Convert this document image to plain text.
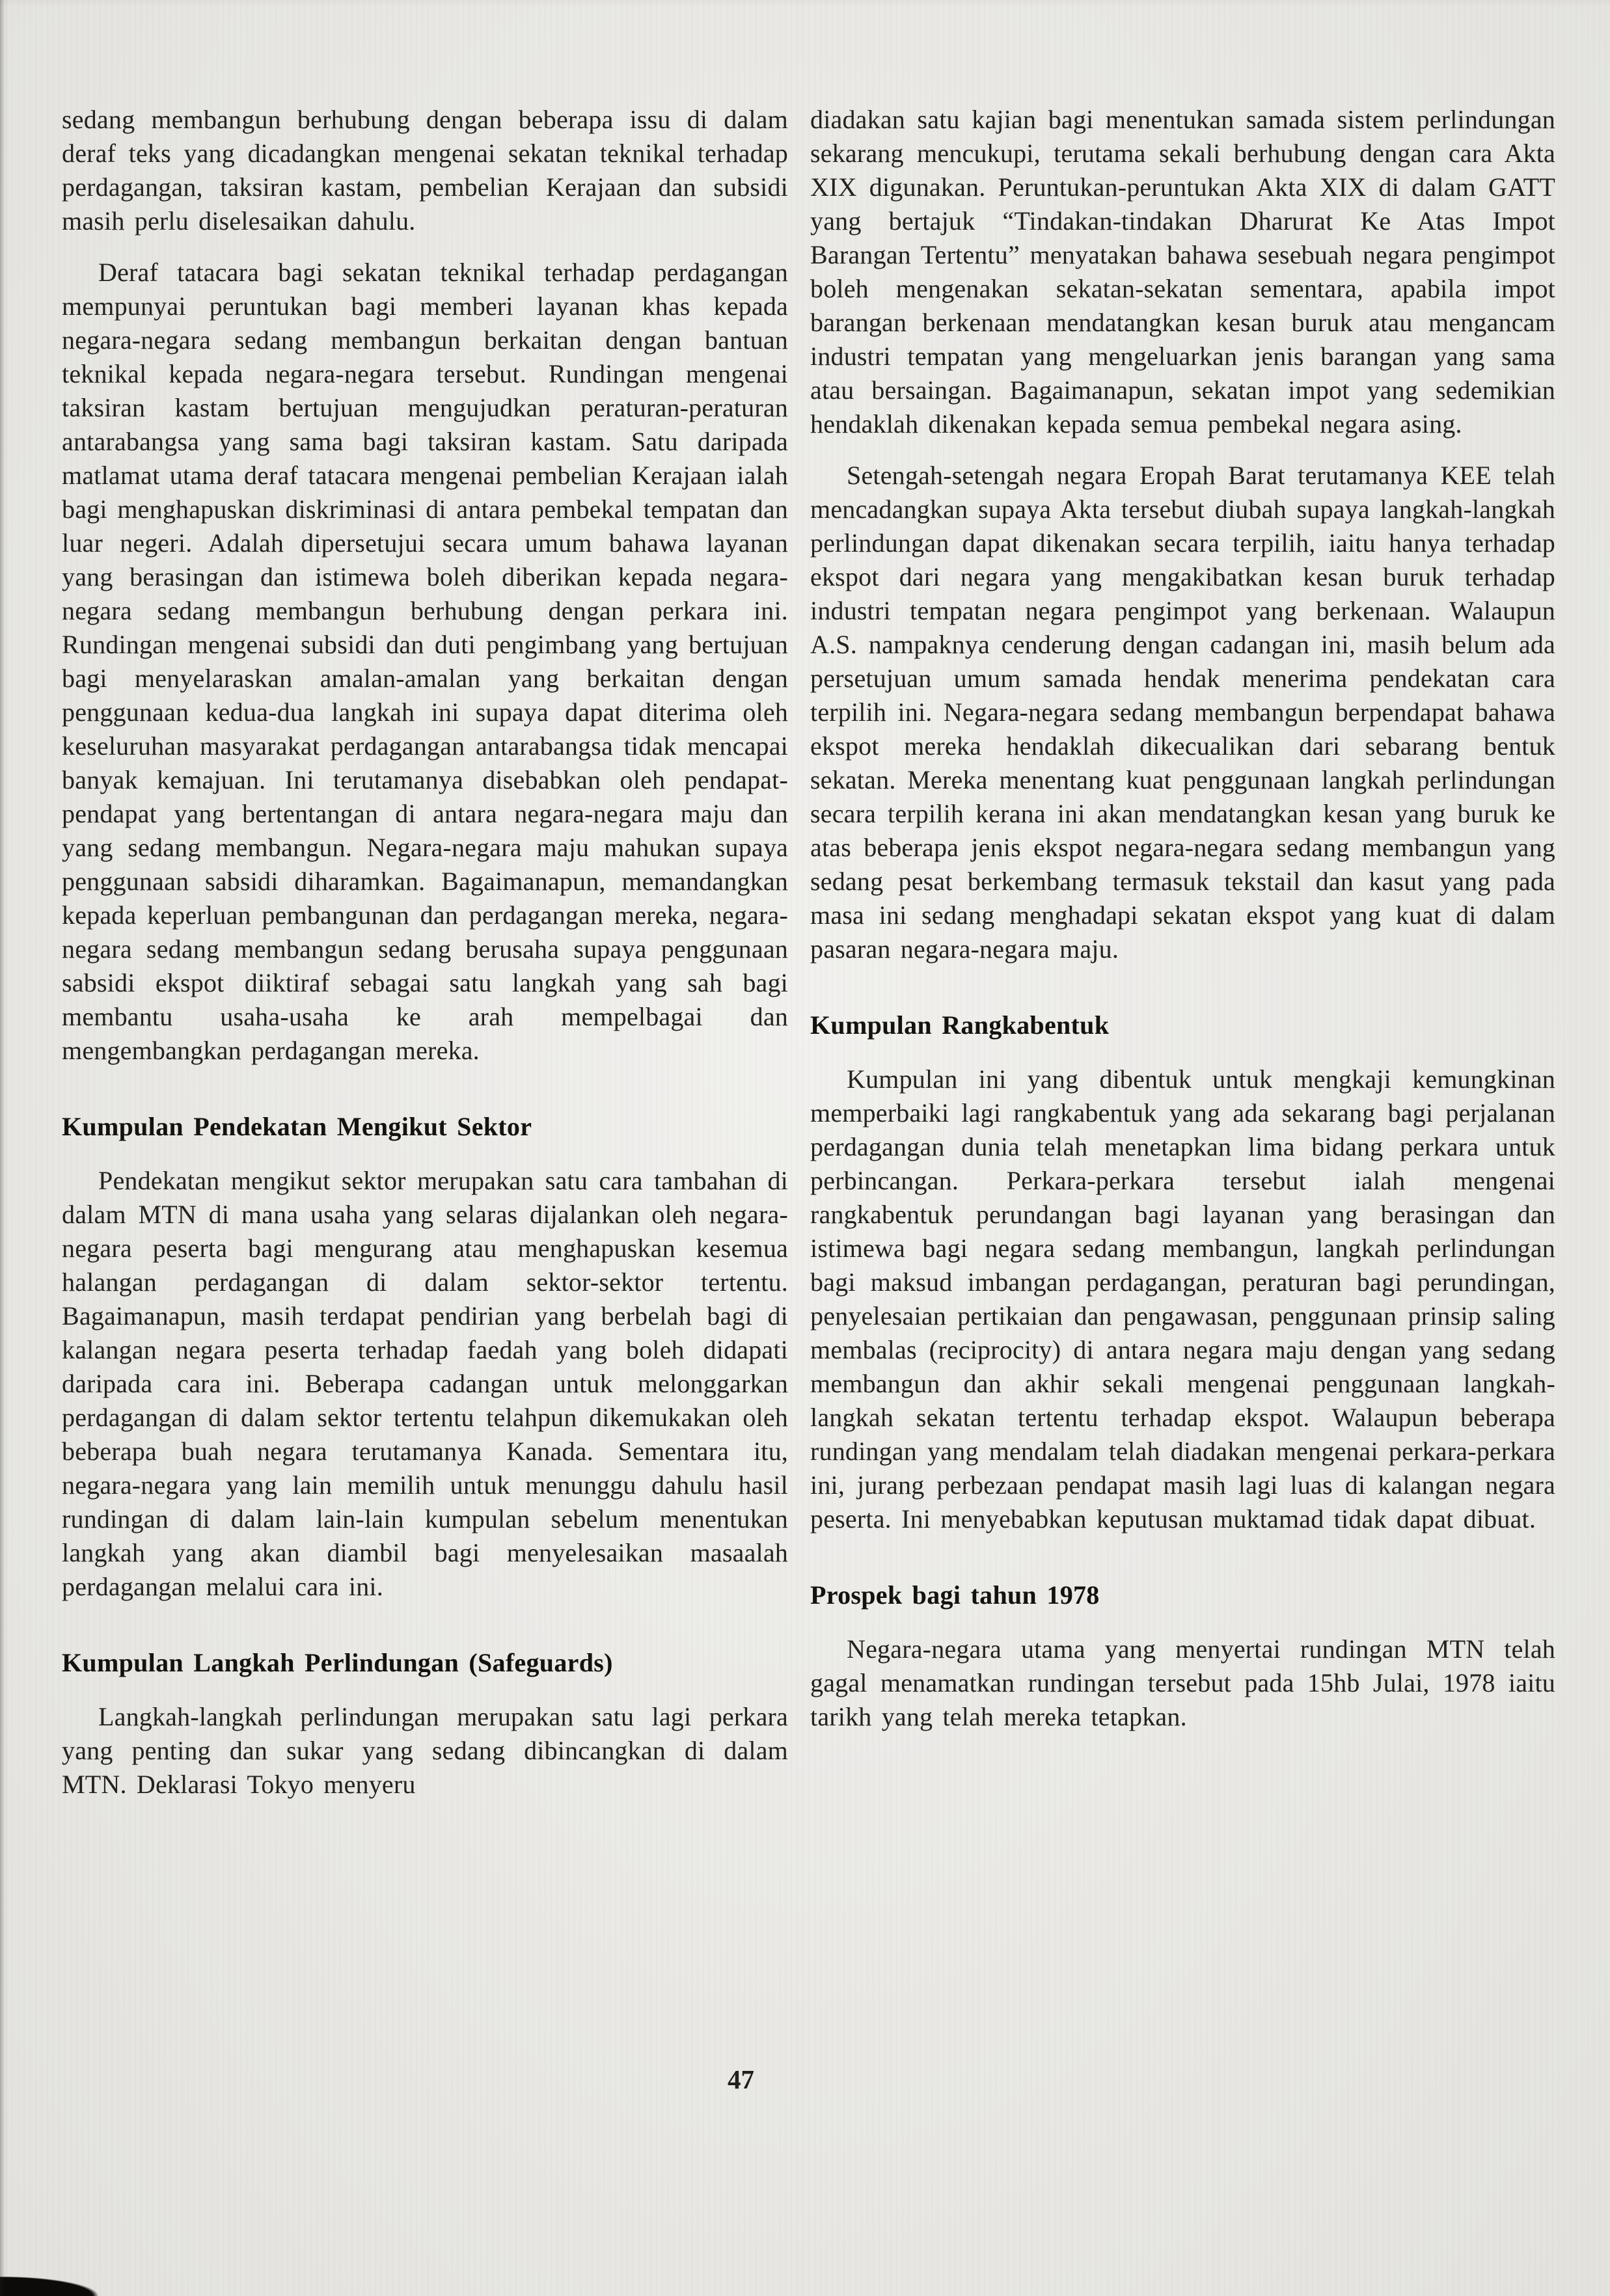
sedang membangun berhubung dengan beberapa issu di dalam deraf teks yang dicadangkan mengenai sekatan teknikal terhadap perdagangan, taksiran kastam, pembelian Kerajaan dan subsidi masih perlu diselesaikan dahulu.

Deraf tatacara bagi sekatan teknikal terhadap perdagangan mempunyai peruntukan bagi memberi layanan khas kepada negara-negara sedang membangun berkaitan dengan bantuan teknikal kepada negara-negara tersebut. Rundingan mengenai taksiran kastam bertujuan mengujudkan peraturan-peraturan antarabangsa yang sama bagi taksiran kastam. Satu daripada matlamat utama deraf tatacara mengenai pembelian Kerajaan ialah bagi menghapuskan diskriminasi di antara pembekal tempatan dan luar negeri. Adalah dipersetujui secara umum bahawa layanan yang berasingan dan istimewa boleh diberikan kepada negara-negara sedang membangun berhubung dengan perkara ini. Rundingan mengenai subsidi dan duti pengimbang yang bertujuan bagi menyelaraskan amalan-amalan yang berkaitan dengan penggunaan kedua-dua langkah ini supaya dapat diterima oleh keseluruhan masyarakat perdagangan antarabangsa tidak mencapai banyak kemajuan. Ini terutamanya disebabkan oleh pendapat-pendapat yang bertentangan di antara negara-negara maju dan yang sedang membangun. Negara-negara maju mahukan supaya penggunaan sabsidi diharamkan. Bagaimanapun, memandangkan kepada keperluan pembangunan dan perdagangan mereka, negara-negara sedang membangun sedang berusaha supaya penggunaan sabsidi ekspot diiktiraf sebagai satu langkah yang sah bagi membantu usaha-usaha ke arah mempelbagai dan mengembangkan perdagangan mereka.

Kumpulan Pendekatan Mengikut Sektor

Pendekatan mengikut sektor merupakan satu cara tambahan di dalam MTN di mana usaha yang selaras dijalankan oleh negara-negara peserta bagi mengurang atau menghapuskan kesemua halangan perdagangan di dalam sektor-sektor tertentu. Bagaimanapun, masih terdapat pendirian yang berbelah bagi di kalangan negara peserta terhadap faedah yang boleh didapati daripada cara ini. Beberapa cadangan untuk melonggarkan perdagangan di dalam sektor tertentu telahpun dikemukakan oleh beberapa buah negara terutamanya Kanada. Sementara itu, negara-negara yang lain memilih untuk menunggu dahulu hasil rundingan di dalam lain-lain kumpulan sebelum menentukan langkah yang akan diambil bagi menyelesaikan masaalah perdagangan melalui cara ini.

Kumpulan Langkah Perlindungan (Safeguards)

Langkah-langkah perlindungan merupakan satu lagi perkara yang penting dan sukar yang sedang dibincangkan di dalam MTN. Deklarasi Tokyo menyeru

diadakan satu kajian bagi menentukan samada sistem perlindungan sekarang mencukupi, terutama sekali berhubung dengan cara Akta XIX digunakan. Peruntukan-peruntukan Akta XIX di dalam GATT yang bertajuk “Tindakan-tindakan Dharurat Ke Atas Impot Barangan Tertentu” menyatakan bahawa sesebuah negara pengimpot boleh mengenakan sekatan-sekatan sementara, apabila impot barangan berkenaan mendatangkan kesan buruk atau mengancam industri tempatan yang mengeluarkan jenis barangan yang sama atau bersaingan. Bagaimanapun, sekatan impot yang sedemikian hendaklah dikenakan kepada semua pembekal negara asing.

Setengah-setengah negara Eropah Barat terutamanya KEE telah mencadangkan supaya Akta tersebut diubah supaya langkah-langkah perlindungan dapat dikenakan secara terpilih, iaitu hanya terhadap ekspot dari negara yang mengakibatkan kesan buruk terhadap industri tempatan negara pengimpot yang berkenaan. Walaupun A.S. nampaknya cenderung dengan cadangan ini, masih belum ada persetujuan umum samada hendak menerima pendekatan cara terpilih ini. Negara-negara sedang membangun berpendapat bahawa ekspot mereka hendaklah dikecualikan dari sebarang bentuk sekatan. Mereka menentang kuat penggunaan langkah perlindungan secara terpilih kerana ini akan mendatangkan kesan yang buruk ke atas beberapa jenis ekspot negara-negara sedang membangun yang sedang pesat berkembang termasuk tekstail dan kasut yang pada masa ini sedang menghadapi sekatan ekspot yang kuat di dalam pasaran negara-negara maju.

Kumpulan Rangkabentuk

Kumpulan ini yang dibentuk untuk mengkaji kemungkinan memperbaiki lagi rangkabentuk yang ada sekarang bagi perjalanan perdagangan dunia telah menetapkan lima bidang perkara untuk perbincangan. Perkara-perkara tersebut ialah mengenai rangkabentuk perundangan bagi layanan yang berasingan dan istimewa bagi negara sedang membangun, langkah perlindungan bagi maksud imbangan perdagangan, peraturan bagi perundingan, penyelesaian pertikaian dan pengawasan, penggunaan prinsip saling membalas (reciprocity) di antara negara maju dengan yang sedang membangun dan akhir sekali mengenai penggunaan langkah-langkah sekatan tertentu terhadap ekspot. Walaupun beberapa rundingan yang mendalam telah diadakan mengenai perkara-perkara ini, jurang perbezaan pendapat masih lagi luas di kalangan negara peserta. Ini menyebabkan keputusan muktamad tidak dapat dibuat.

Prospek bagi tahun 1978

Negara-negara utama yang menyertai rundingan MTN telah gagal menamatkan rundingan tersebut pada 15hb Julai, 1978 iaitu tarikh yang telah mereka tetapkan.

47
